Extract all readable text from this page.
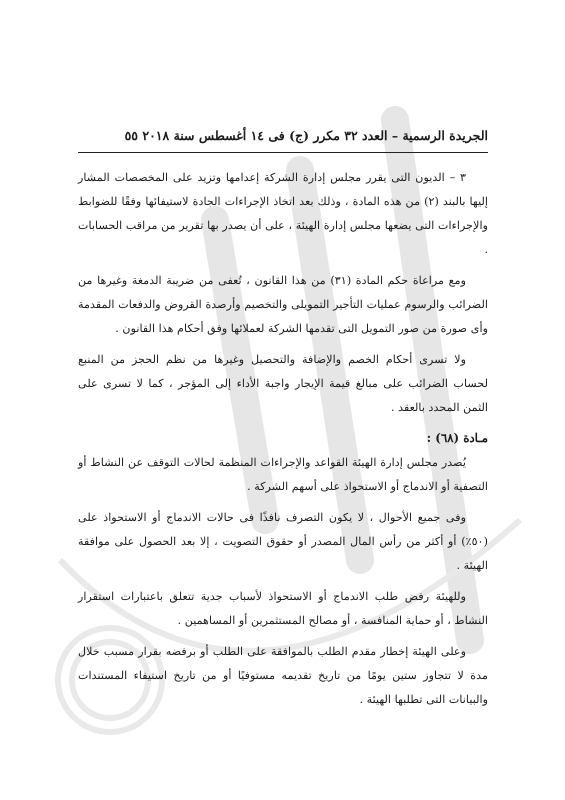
الجريدة الرسمية – العدد ٣٢ مكرر (ج) فى ١٤ أغسطس سنة ٢٠١٨ ٥٥

٣ – الديون التى يقرر مجلس إدارة الشركة إعدامها وتزيد على المخصصات المشار إليها بالبند (٢) من هذه المادة ، وذلك بعد اتخاذ الإجراءات الجادة لاستيفائها وفقًا للضوابط والإجراءات التى يضعها مجلس إدارة الهيئة ، على أن يصدر بها تقرير من مراقب الحسابات .

ومع مراعاة حكم المادة (٣١) من هذا القانون ، تُعفى من ضريبة الدمغة وغيرها من الضرائب والرسوم عمليات التأجير التمويلى والتخصيم وأرصدة القروض والدفعات المقدمة وأى صورة من صور التمويل التى تقدمها الشركة لعملائها وفق أحكام هذا القانون .

ولا تسرى أحكام الخصم والإضافة والتحصيل وغيرها من نظم الحجز من المنبع لحساب الضرائب على مبالغ قيمة الإيجار واجبة الأداء إلى المؤجر ، كما لا تسرى على الثمن المحدد بالعقد .

مـادة (٦٨) :

يُصدر مجلس إدارة الهيئة القواعد والإجراءات المنظمة لحالات التوقف عن النشاط أو التصفية أو الاندماج أو الاستحواذ على أسهم الشركة .

وفى جميع الأحوال ، لا يكون التصرف نافذًا فى حالات الاندماج أو الاستحواذ على (٥٠٪) أو أكثر من رأس المال المصدر أو حقوق التصويت ، إلا بعد الحصول على موافقة الهيئة .

وللهيئة رفض طلب الاندماج أو الاستحواذ لأسباب جدية تتعلق باعتبارات استقرار النشاط ، أو حماية المنافسة ، أو مصالح المستثمرين أو المساهمين .

وعلى الهيئة إخطار مقدم الطلب بالموافقة على الطلب أو برفضه بقرار مسبب خلال مدة لا تتجاوز ستين يومًا من تاريخ تقديمه مستوفيًا أو من تاريخ استيفاء المستندات والبيانات التى تطلبها الهيئة .
